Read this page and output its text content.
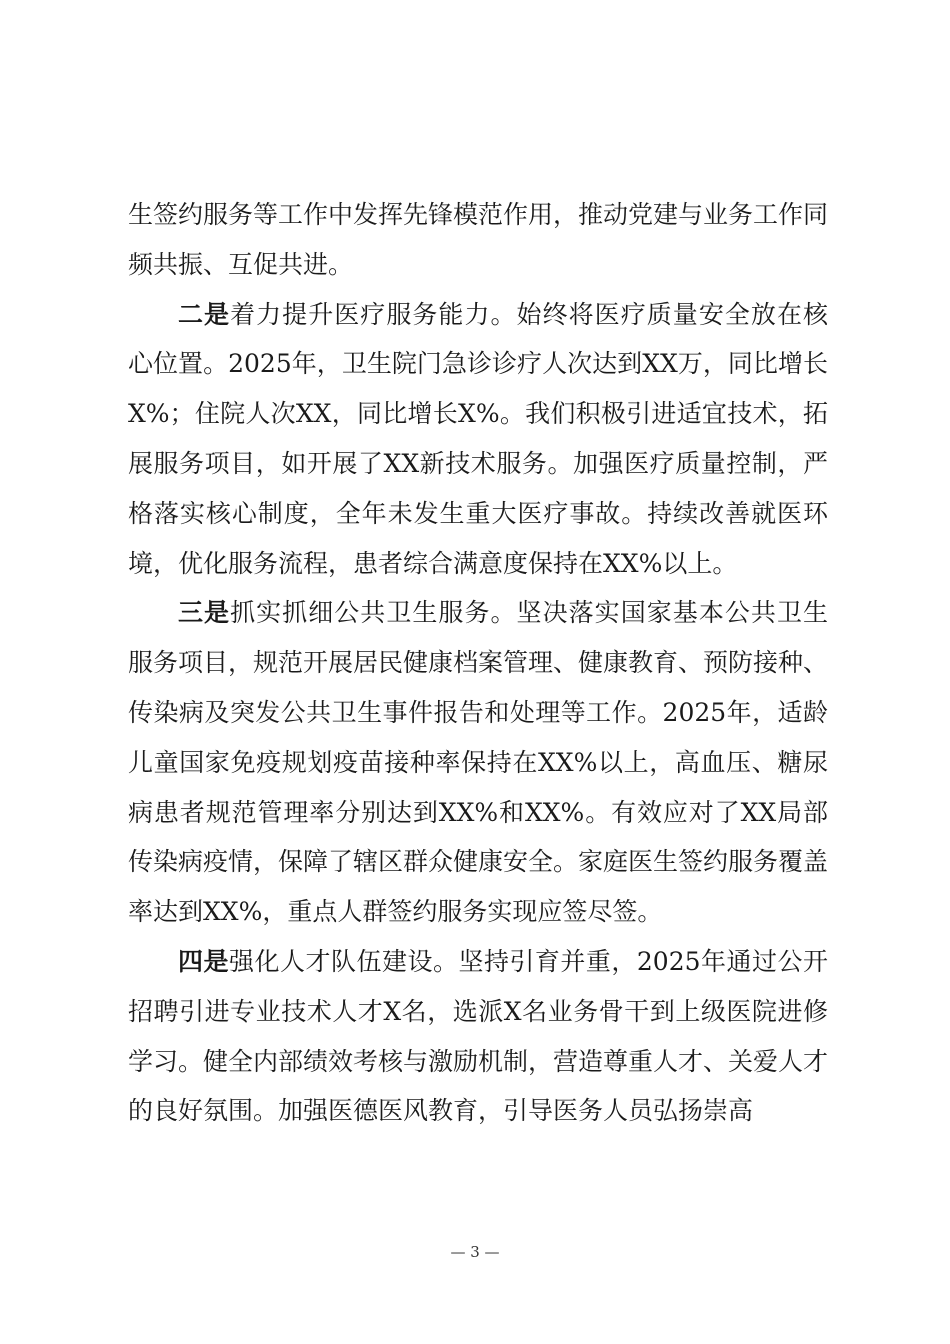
生签约服务等工作中发挥先锋模范作用，推动党建与业务工作同频共振、互促共进。

二是着力提升医疗服务能力。始终将医疗质量安全放在核心位置。2025年，卫生院门急诊诊疗人次达到XX万，同比增长X%；住院人次XX，同比增长X%。我们积极引进适宜技术，拓展服务项目，如开展了XX新技术服务。加强医疗质量控制，严格落实核心制度，全年未发生重大医疗事故。持续改善就医环境，优化服务流程，患者综合满意度保持在XX%以上。

三是抓实抓细公共卫生服务。坚决落实国家基本公共卫生服务项目，规范开展居民健康档案管理、健康教育、预防接种、传染病及突发公共卫生事件报告和处理等工作。2025年，适龄儿童国家免疫规划疫苗接种率保持在XX%以上，高血压、糖尿病患者规范管理率分别达到XX%和XX%。有效应对了XX局部传染病疫情，保障了辖区群众健康安全。家庭医生签约服务覆盖率达到XX%，重点人群签约服务实现应签尽签。

四是强化人才队伍建设。坚持引育并重，2025年通过公开招聘引进专业技术人才X名，选派X名业务骨干到上级医院进修学习。健全内部绩效考核与激励机制，营造尊重人才、关爱人才的良好氛围。加强医德医风教育，引导医务人员弘扬崇高

— 3 —
